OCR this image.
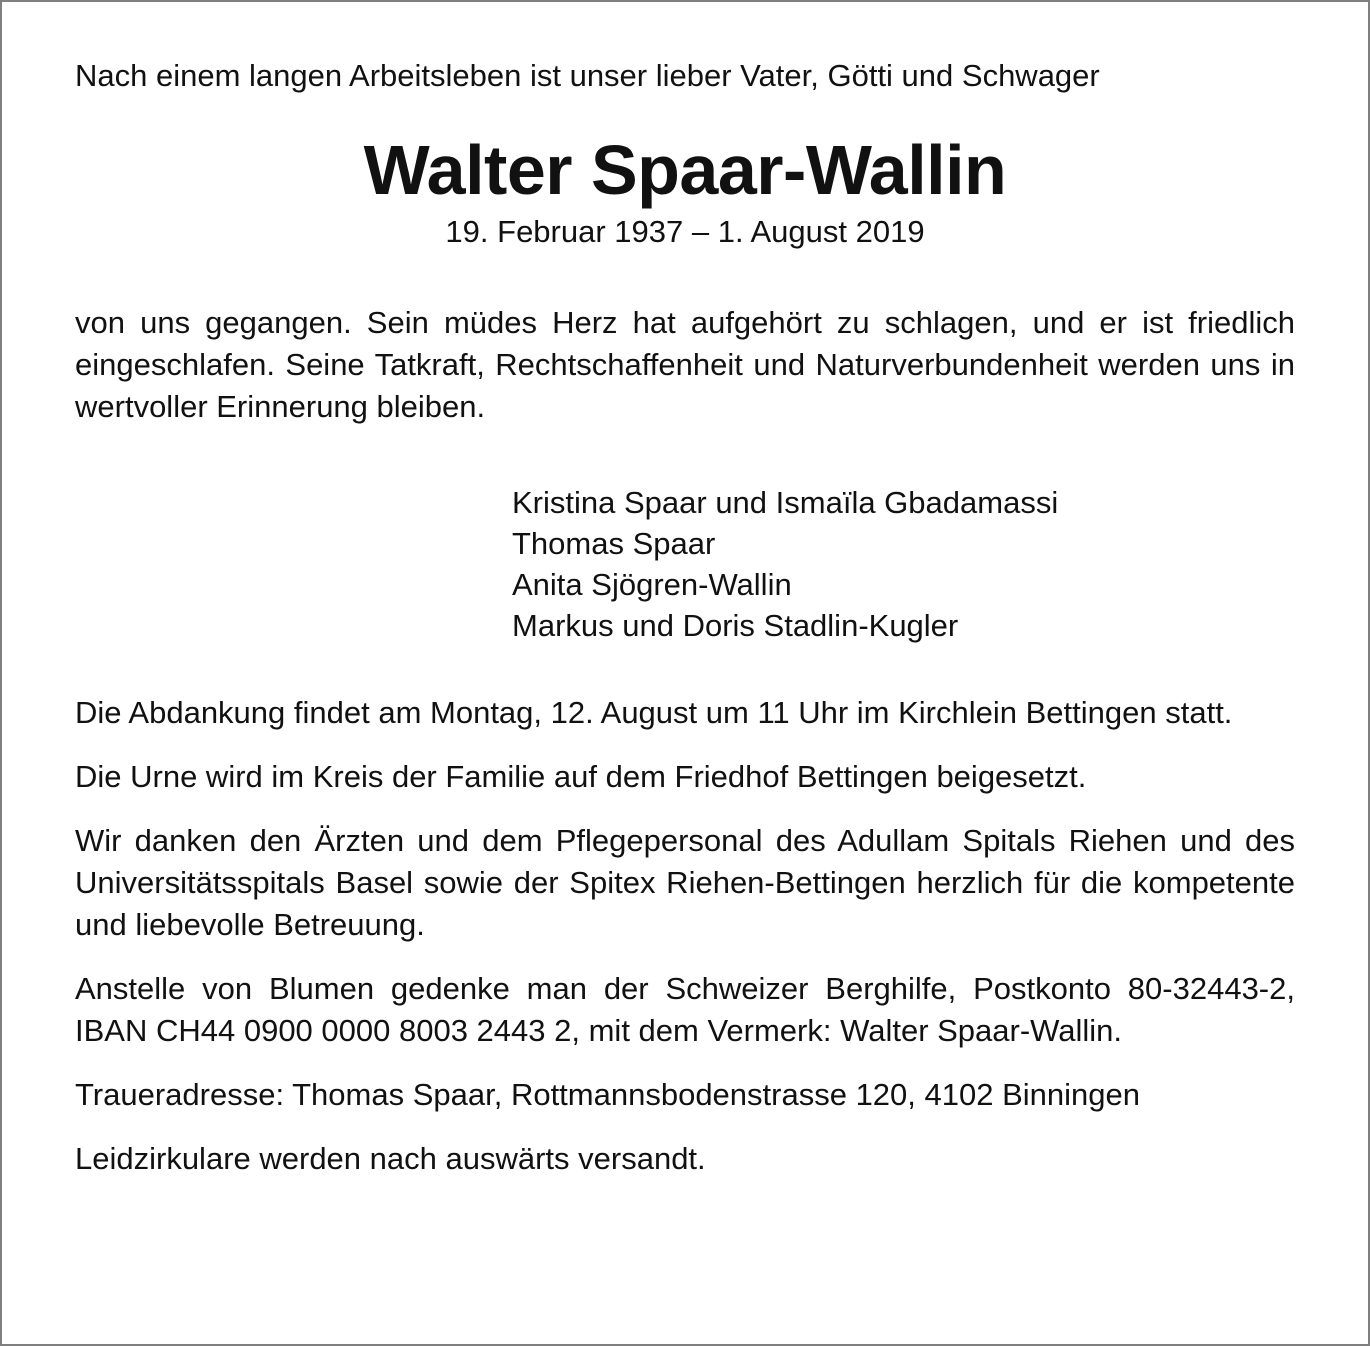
Nach einem langen Arbeitsleben ist unser lieber Vater, Götti und Schwager

Walter Spaar-Wallin

19. Februar 1937 – 1. August 2019

von uns gegangen. Sein müdes Herz hat aufgehört zu schlagen, und er ist friedlich eingeschlafen. Seine Tatkraft, Rechtschaffenheit und Naturverbundenheit werden uns in wertvoller Erinnerung bleiben.

Kristina Spaar und Ismaïla Gbadamassi
Thomas Spaar
Anita Sjögren-Wallin
Markus und Doris Stadlin-Kugler

Die Abdankung findet am Montag, 12. August um 11 Uhr im Kirchlein Bettingen statt.

Die Urne wird im Kreis der Familie auf dem Friedhof Bettingen beigesetzt.

Wir danken den Ärzten und dem Pflegepersonal des Adullam Spitals Riehen und des Universitätsspitals Basel sowie der Spitex Riehen-Bettingen herzlich für die kompetente und liebevolle Betreuung.

Anstelle von Blumen gedenke man der Schweizer Berghilfe, Postkonto 80-32443-2, IBAN CH44 0900 0000 8003 2443 2, mit dem Vermerk: Walter Spaar-Wallin.

Traueradresse: Thomas Spaar, Rottmannsbodenstrasse 120, 4102 Binningen

Leidzirkulare werden nach auswärts versandt.
